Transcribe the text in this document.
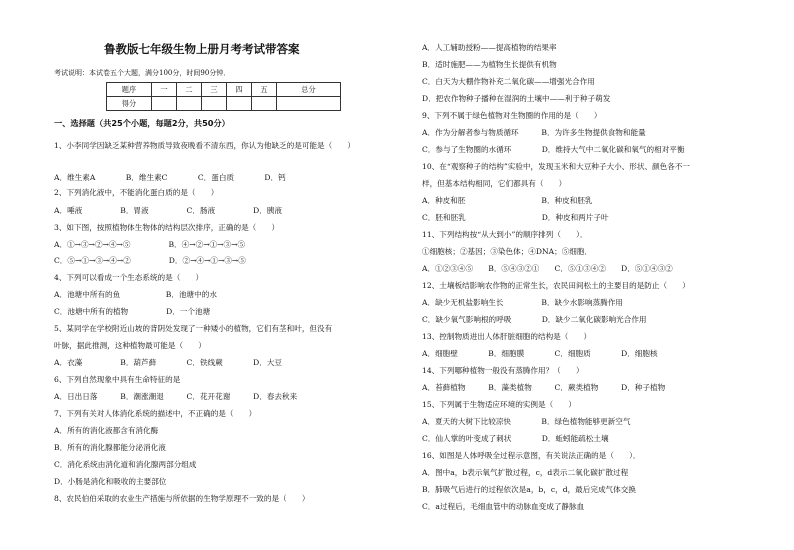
鲁教版七年级生物上册月考考试带答案
考试说明：本试卷五个大题，满分100分，时间90分钟．
题序	一	二	三	四	五	总分
得分						
一、选择题（共25个小题，每题2分，共50分）
1、小李同学因缺乏某种营养物质导致夜晚看不清东西，你认为他缺乏的是可能是（　　）
A．维生素A　　　　B．维生素C　　　　C．蛋白质　　　　D．钙
2、下列消化液中，不能消化蛋白质的是（　　）
A．唾液　　　　　B．胃液　　　　　C．肠液　　　　　D．胰液
3、如下图，按照植物体生物体的结构层次排序，正确的是（　　）
A．①→③→②→④→⑤　　　　　B．④→②→①→③→⑤
C．⑤→①→③→④→②　　　　　D．②→④→①→③→⑤
4、下列可以看成一个生态系统的是（　　）
A．池塘中所有的鱼　　　　　　B．池塘中的水
C．池塘中所有的植物　　　　　D．一个池塘
5、某同学在学校附近山坡的背阴处发现了一种矮小的植物，它们有茎和叶，但没有
叶脉，据此推测，这种植物最可能是（　　）
A．衣藻　　　　　B．葫芦藓　　　　C．铁线蕨　　　　D．大豆
6、下列自然现象中具有生命特征的是
A．日出日落　　　B．潮涨潮退　　　C．花开花谢　　　D．春去秋来
7、下列有关对人体消化系统的描述中，不正确的是（　　）
A．所有的消化液都含有消化酶
B．所有的消化腺都能分泌消化液
C．消化系统由消化道和消化腺两部分组成
D．小肠是消化和吸收的主要部位
8、农民伯伯采取的农业生产措施与所依据的生物学原理不一致的是（　　）
A．人工辅助授粉——提高植物的结果率
B．适时施肥——为植物生长提供有机物
C．白天为大棚作物补充二氧化碳——增强光合作用
D．把农作物种子播种在湿润的土壤中——利于种子萌发
9、下列不属于绿色植物对生物圈的作用的是（　　）
A．作为分解者参与物质循环　　　B．为许多生物提供食物和能量
C．参与了生物圈的水循环　　　　D．维持大气中二氧化碳和氧气的相对平衡
10、在“观察种子的结构”实验中，发现玉米和大豆种子大小、形状、颜色各不一
样，但基本结构相同，它们都具有（　　）
A．种皮和胚　　　　　　　　　　B．种皮和胚乳
C．胚和胚乳　　　　　　　　　　D．种皮和两片子叶
11、下列结构按“从大到小”的顺序排列（　　）．
①细胞核；②基因；③染色体；④DNA；⑤细胞．
A．①②③④⑤　　B．⑤④③②①　　C．⑤①③④②　　D．⑤①④③②
12、土壤板结影响农作物的正常生长，农民田间松土的主要目的是防止（　　）
A．缺少无机盐影响生长　　　　　B．缺少水影响蒸腾作用
C．缺少氧气影响根的呼吸　　　　D．缺少二氧化碳影响光合作用
13、控制物质进出人体肝脏细胞的结构是（　　）
A．细胞壁　　　　B．细胞膜　　　　C．细胞质　　　　D．细胞核
14、下列哪种植物一般没有蒸腾作用？（　　）
A．苔藓植物　　　B．藻类植物　　　C．蕨类植物　　　D．种子植物
15、下列属于生物适应环境的实例是（　　）
A．夏天的大树下比较凉快　　　　B．绿色植物能够更新空气
C．仙人掌的叶变成了刺状　　　　D．蚯蚓能疏松土壤
16、如图是人体呼吸全过程示意图，有关说法正确的是（　　）．
A．图中a，b表示氧气扩散过程，c，d表示二氧化碳扩散过程
B．肺吸气后进行的过程依次是a，b，c，d，最后完成气体交换
C．a过程后，毛细血管中的动脉血变成了静脉血
